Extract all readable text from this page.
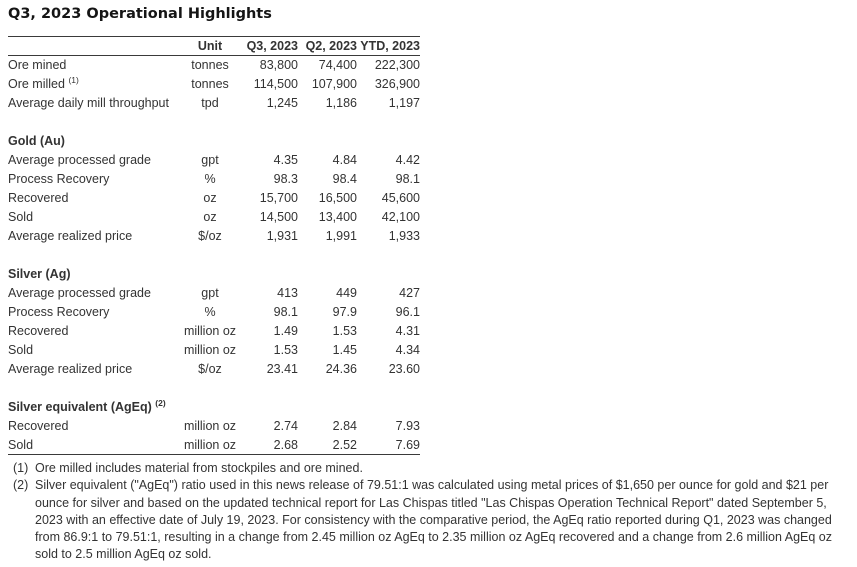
Q3, 2023 Operational Highlights
	Unit	Q3, 2023	Q2, 2023	YTD, 2023
Ore mined	tonnes	83,800	74,400	222,300
Ore milled $^{(1)}$	tonnes	114,500	107,900	326,900
Average daily mill throughput	tpd	1,245	1,186	1,197

Gold (Au)				
Average processed grade	gpt	4.35	4.84	4.42
Process Recovery	%	98.3	98.4	98.1
Recovered	oz	15,700	16,500	45,600
Sold	oz	14,500	13,400	42,100
Average realized price	$/oz	1,931	1,991	1,933

Silver (Ag)				
Average processed grade	gpt	413	449	427
Process Recovery	%	98.1	97.9	96.1
Recovered	million oz	1.49	1.53	4.31
Sold	million oz	1.53	1.45	4.34
Average realized price	$/oz	23.41	24.36	23.60

Silver equivalent (AgEq) $^{(2)}$
Recovered	million oz	2.74	2.84	7.93
Sold	million oz	2.68	2.52	7.69
(1) Ore milled includes material from stockpiles and ore mined.
(2) Silver equivalent ("AgEq") ratio used in this news release of 79.51:1 was calculated using metal prices of $1,650 per ounce for gold and $21 per ounce for silver and based on the updated technical report for Las Chispas titled "Las Chispas Operation Technical Report" dated September 5, 2023 with an effective date of July 19, 2023. For consistency with the comparative period, the AgEq ratio reported during Q1, 2023 was changed from 86.9:1 to 79.51:1, resulting in a change from 2.45 million oz AgEq to 2.35 million oz AgEq recovered and a change from 2.6 million AgEq oz sold to 2.5 million AgEq oz sold.
